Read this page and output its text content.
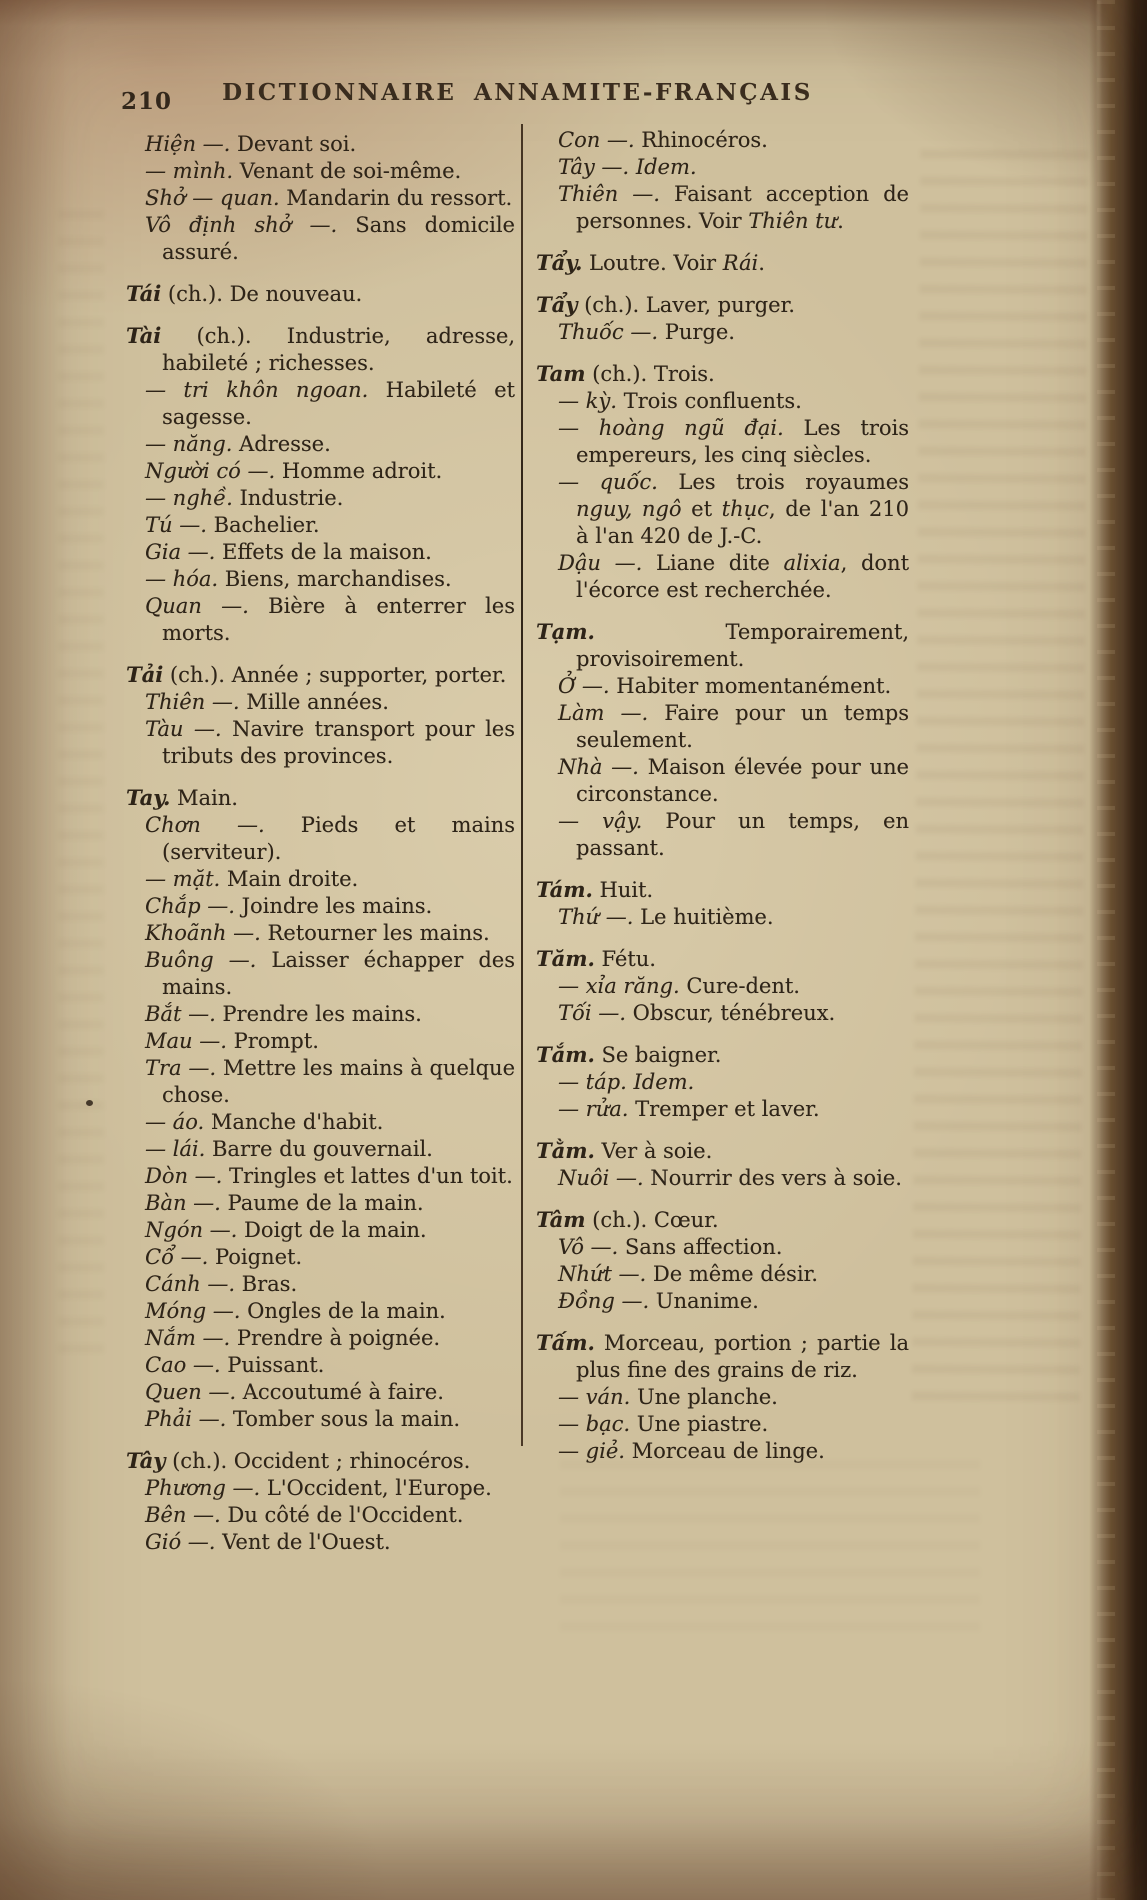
210	DICTIONNAIRE ANNAMITE-FRANÇAIS

Hiện —. Devant soi.

— mình. Venant de soi-même.

Shở — quan. Mandarin du ressort.

Vô định shở —. Sans domicile assuré.

Tái (ch.). De nouveau.

Tài (ch.). Industrie, adresse, habileté ; richesses.

— tri khôn ngoan. Habileté et sagesse.

— năng. Adresse.

Người có —. Homme adroit.

— nghề. Industrie.

Tú —. Bachelier.

Gia —. Effets de la maison.

— hóa. Biens, marchandises.

Quan —. Bière à enterrer les morts.

Tải (ch.). Année ; supporter, porter.

Thiên —. Mille années.

Tàu —. Navire transport pour les tributs des provinces.

Tay. Main.

Chơn —. Pieds et mains (serviteur).

— mặt. Main droite.

Chắp —. Joindre les mains.

Khoãnh —. Retourner les mains.

Buông —. Laisser échapper des mains.

Bắt —. Prendre les mains.

Mau —. Prompt.

Tra —. Mettre les mains à quelque chose.

— áo. Manche d'habit.

— lái. Barre du gouvernail.

Dòn —. Tringles et lattes d'un toit.

Bàn —. Paume de la main.

Ngón —. Doigt de la main.

Cổ —. Poignet.

Cánh —. Bras.

Móng —. Ongles de la main.

Nắm —. Prendre à poignée.

Cao —. Puissant.

Quen —. Accoutumé à faire.

Phải —. Tomber sous la main.

Tây (ch.). Occident ; rhinocéros.

Phương —. L'Occident, l'Europe.

Bên —. Du côté de l'Occident.

Gió —. Vent de l'Ouest.

Con —. Rhinocéros.

Tây —. Idem.

Thiên —. Faisant acception de personnes. Voir Thiên tư.

Tẩy. Loutre. Voir Rái.

Tẩy (ch.). Laver, purger.

Thuốc —. Purge.

Tam (ch.). Trois.

— kỳ. Trois confluents.

— hoàng ngũ đại. Les trois empereurs, les cinq siècles.

— quốc. Les trois royaumes nguy, ngô et thục, de l'an 210 à l'an 420 de J.-C.

Dậu —. Liane dite alixia, dont l'écorce est recherchée.

Tạm. Temporairement, provisoirement.

Ở —. Habiter momentanément.

Làm —. Faire pour un temps seulement.

Nhà —. Maison élevée pour une circonstance.

— vậy. Pour un temps, en passant.

Tám. Huit.

Thứ —. Le huitième.

Tăm. Fétu.

— xỉa răng. Cure-dent.

Tối —. Obscur, ténébreux.

Tắm. Se baigner.

— táp. Idem.

— rửa. Tremper et laver.

Tằm. Ver à soie.

Nuôi —. Nourrir des vers à soie.

Tâm (ch.). Cœur.

Vô —. Sans affection.

Nhứt —. De même désir.

Đồng —. Unanime.

Tấm. Morceau, portion ; partie la plus fine des grains de riz.

— ván. Une planche.

— bạc. Une piastre.

— giẻ. Morceau de linge.
